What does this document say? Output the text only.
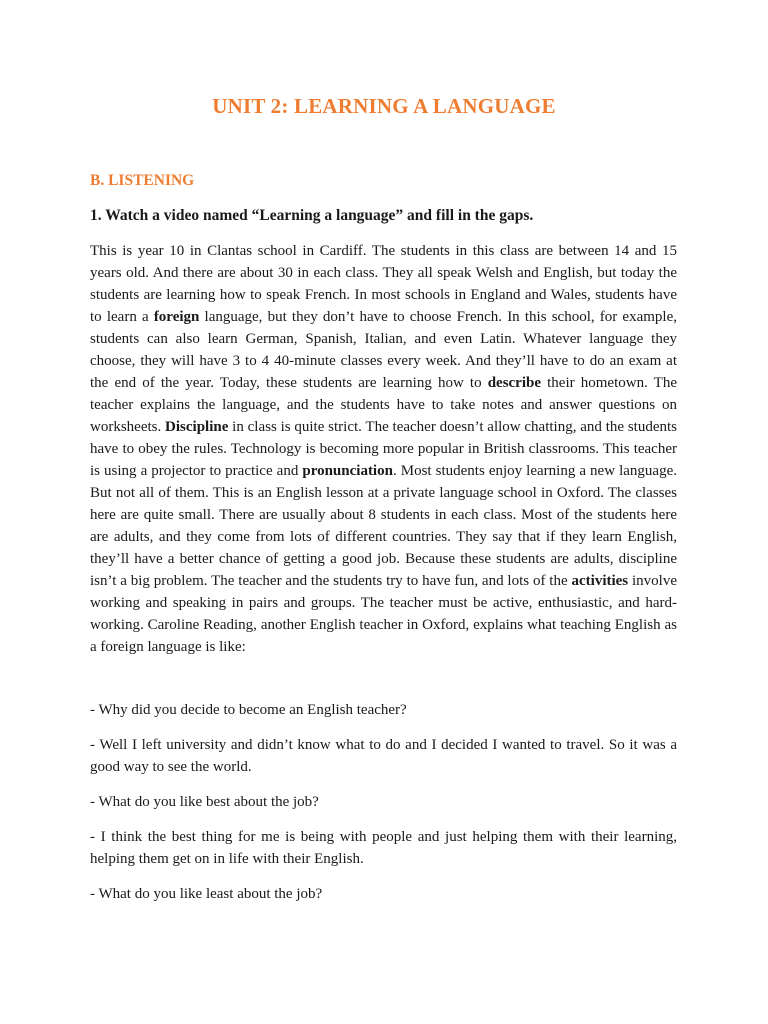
UNIT 2: LEARNING A LANGUAGE
B. LISTENING

1. Watch a video named “Learning a language” and fill in the gaps.

This is year 10 in Clantas school in Cardiff. The students in this class are between 14 and 15 years old. And there are about 30 in each class. They all speak Welsh and English, but today the students are learning how to speak French. In most schools in England and Wales, students have to learn a foreign language, but they don’t have to choose French. In this school, for example, students can also learn German, Spanish, Italian, and even Latin. Whatever language they choose, they will have 3 to 4 40-minute classes every week. And they’ll have to do an exam at the end of the year. Today, these students are learning how to describe their hometown. The teacher explains the language, and the students have to take notes and answer questions on worksheets. Discipline in class is quite strict. The teacher doesn’t allow chatting, and the students have to obey the rules. Technology is becoming more popular in British classrooms. This teacher is using a projector to practice and pronunciation. Most students enjoy learning a new language. But not all of them. This is an English lesson at a private language school in Oxford. The classes here are quite small. There are usually about 8 students in each class. Most of the students here are adults, and they come from lots of different countries. They say that if they learn English, they’ll have a better chance of getting a good job. Because these students are adults, discipline isn’t a big problem. The teacher and the students try to have fun, and lots of the activities involve working and speaking in pairs and groups. The teacher must be active, enthusiastic, and hard-working. Caroline Reading, another English teacher in Oxford, explains what teaching English as a foreign language is like:

- Why did you decide to become an English teacher?

- Well I left university and didn’t know what to do and I decided I wanted to travel. So it was a good way to see the world.

- What do you like best about the job?

- I think the best thing for me is being with people and just helping them with their learning, helping them get on in life with their English.

- What do you like least about the job?
